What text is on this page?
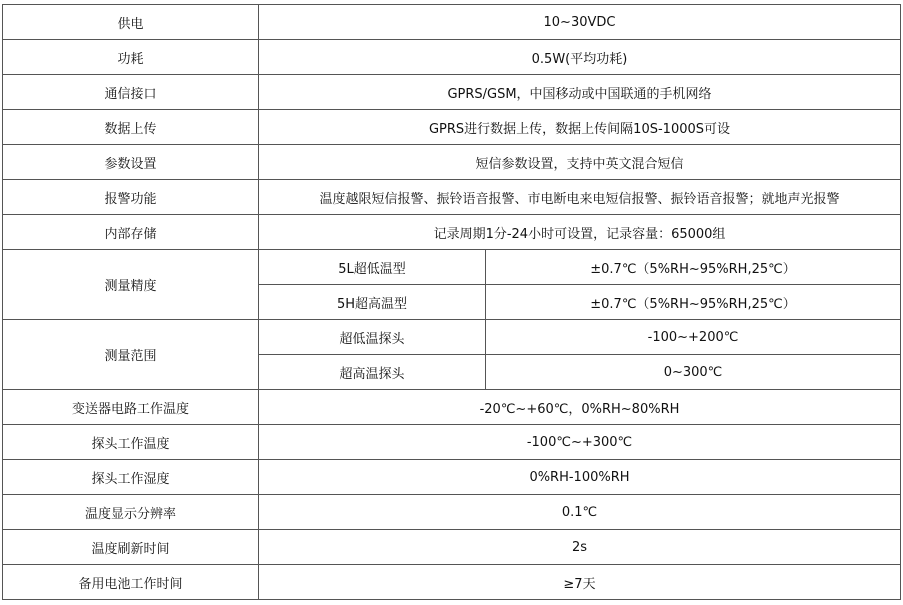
供电	10~30VDC	
功耗	0.5W(平均功耗)	
通信接口	GPRS/GSM，中国移动或中国联通的手机网络	
数据上传	GPRS进行数据上传，数据上传间隔10S-1000S可设	
参数设置	短信参数设置，支持中英文混合短信	
报警功能	温度越限短信报警、振铃语音报警、市电断电来电短信报警、振铃语音报警；就地声光报警	
内部存储	记录周期1分-24小时可设置，记录容量：65000组	
测量精度	5L超低温型	±0.7℃（5%RH~95%RH,25℃）
	5H超高温型	±0.7℃（5%RH~95%RH,25℃）
测量范围	超低温探头	-100~+200℃
	超高温探头	0~300℃
变送器电路工作温度	-20℃~+60℃，0%RH~80%RH	
探头工作温度	-100℃~+300℃	
探头工作湿度	0%RH-100%RH	
温度显示分辨率	0.1℃	
温度刷新时间	2s	
备用电池工作时间	≥7天	
